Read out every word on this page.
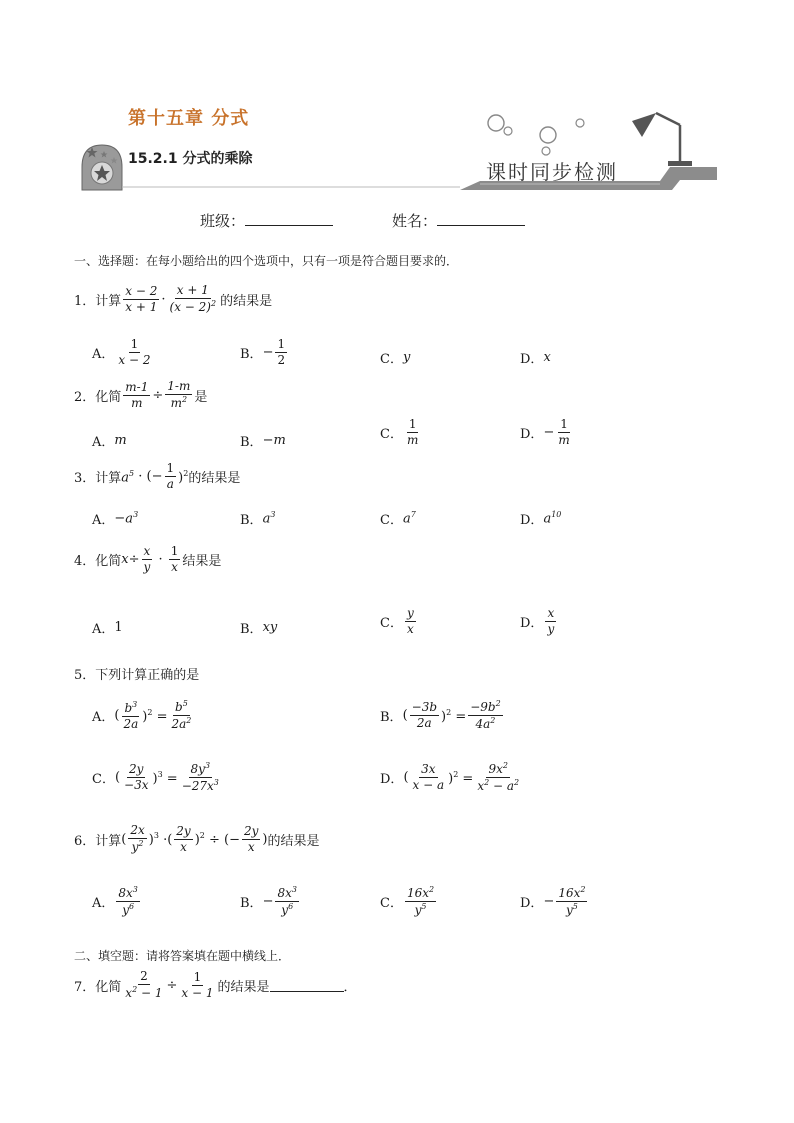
第十五章 分式
15.2.1 分式的乘除
课时同步检测
班级：	姓名：
一、选择题：在每小题给出的四个选项中，只有一项是符合题目要求的．
1．计算 $\frac{x - 2}{x + 1} \cdot \frac{x + 1}{(x - 2)^2}$ 的结果是
A． $\frac{1}{x - 2}$	B． − $\frac{1}{2}$	C． y	D． x
2．化简 $\frac{m-1}{m} \div \frac{1-m}{m^2}$ 是
A． m	B． −m	C． $\frac{1}{m}$	D． − $\frac{1}{m}$
3．计算 $a^5$ · (− $\frac{1}{a} )^2$ 的结果是
A． − $a^3$	B． $a^3$	C． $a^7$	D． $a^{10}$
4．化简 $x \div \frac{x}{y} \cdot \frac{1}{x}$ 结果是
A． 1	B． xy	C． $\frac{y}{x}$	D． $\frac{x}{y}$
5．下列计算正确的是
A． ( $\frac{b^3}{2a} )^2 = \frac{b^5}{2a^2}$	B． ( $\frac{-3b}{2a} )^2 = \frac{-9b^2}{4a^2}$
C． ( $\frac{2y}{-3x} )^3 = \frac{8y^3}{-27x^3}$	D． ( $\frac{3x}{x - a} )^2 = \frac{9x^2}{x^2 - a^2}$
6．计算 ( $\frac{2x}{y^2} )^3$ ·( $\frac{2y}{x} )^2$ ÷ (− $\frac{2y}{x}$ ) 的结果是
A． $\frac{8x^3}{y^6}$	B． − $\frac{8x^3}{y^6}$	C． $\frac{16x^2}{y^5}$	D． − $\frac{16x^2}{y^5}$
二、填空题：请将答案填在题中横线上．
7．化简 $\frac{2}{x^2 - 1} \div \frac{1}{x - 1}$ 的结果是	．
